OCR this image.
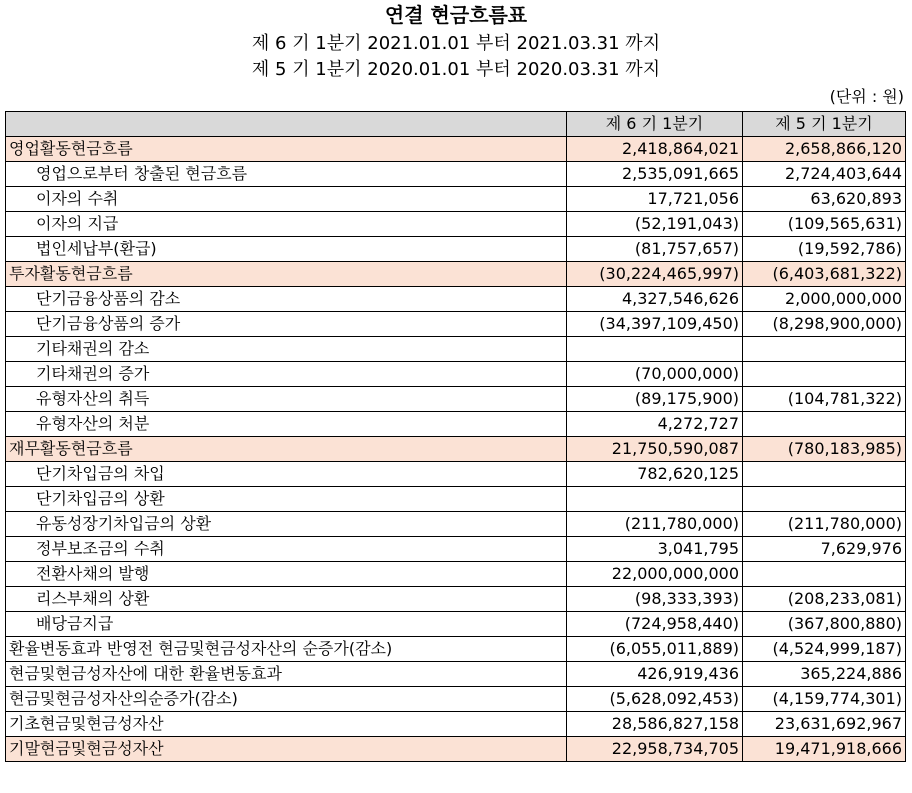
연결 현금흐름표
제 6 기 1분기 2021.01.01 부터 2021.03.31 까지
제 5 기 1분기 2020.01.01 부터 2020.03.31 까지
(단위 : 원)
	제 6 기 1분기	제 5 기 1분기
영업활동현금흐름	2,418,864,021	2,658,866,120
영업으로부터 창출된 현금흐름	2,535,091,665	2,724,403,644
이자의 수취	17,721,056	63,620,893
이자의 지급	(52,191,043)	(109,565,631)
법인세납부(환급)	(81,757,657)	(19,592,786)
투자활동현금흐름	(30,224,465,997)	(6,403,681,322)
단기금융상품의 감소	4,327,546,626	2,000,000,000
단기금융상품의 증가	(34,397,109,450)	(8,298,900,000)
기타채권의 감소		
기타채권의 증가	(70,000,000)	
유형자산의 취득	(89,175,900)	(104,781,322)
유형자산의 처분	4,272,727	
재무활동현금흐름	21,750,590,087	(780,183,985)
단기차입금의 차입	782,620,125	
단기차입금의 상환		
유동성장기차입금의 상환	(211,780,000)	(211,780,000)
정부보조금의 수취	3,041,795	7,629,976
전환사채의 발행	22,000,000,000	
리스부채의 상환	(98,333,393)	(208,233,081)
배당금지급	(724,958,440)	(367,800,880)
환율변동효과 반영전 현금및현금성자산의 순증가(감소)	(6,055,011,889)	(4,524,999,187)
현금및현금성자산에 대한 환율변동효과	426,919,436	365,224,886
현금및현금성자산의순증가(감소)	(5,628,092,453)	(4,159,774,301)
기초현금및현금성자산	28,586,827,158	23,631,692,967
기말현금및현금성자산	22,958,734,705	19,471,918,666
